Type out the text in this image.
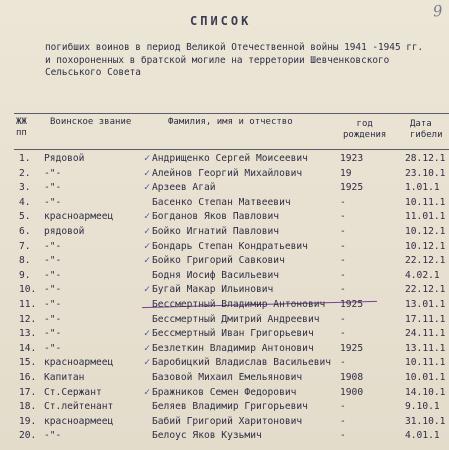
9
СПИСОК
погибших воинов в период Великой Отечественной войны 1941 -1945 гг.
и похороненных в братской могиле на терретории Шевченковского
Сельського Совета
ЖЖ
пп
Воинское звание	Фамилия, имя и отчество	год
рождения
Дата
гибели
1. Рядовой	✓ Андрищенко Сергей Моисеевич	1923	28.12.1
2. -"-	✓ Алейнов Георгий Михайлович	19	23.10.1
3. -"-	✓ Арзеев Агай	1925	1.01.1
4. -"-	Басенко Степан Матвеевич	-	10.11.1
5. красноармеец	✓ Богданов Яков Павлович	-	11.01.1
6. рядовой	✓ Бойко Игнатий Павлович	-	10.12.1
7. -"-	✓ Бондарь Степан Кондратьевич	-	10.12.1
8. -"-	✓ Бойко Григорий Савкович	-	22.12.1
9. -"-	Бодня Иосиф Васильевич	-	4.02.1
10. -"-	✓ Бугай Макар Ильинович	-	22.12.1
11. -"-	Бессмертный Владимир Антонович 1925	13.01.1
12. -"-	Бессмертный Дмитрий Андреевич -	17.11.1
13. -"-	✓ Бессмертный Иван Григорьевич	-	24.11.1
14. -"-	✓ Безлеткин Владимир Антонович	1925	13.11.1
15. красноармеец	✓ Баробицкий Владислав Васильевич -	10.11.1
16. Капитан	Базовой Михаил Емельянович	1908	10.01.1
17. Ст.Сержант	✓ Бражников Семен Федорович	1900	14.10.1
18. Ст.лейтенант	Беляев Владимир Григорьевич	-	9.10.1
19. красноармеец	Бабий Григорий Харитонович	-	31.10.1
20. -"-	Белоус Яков Кузьмич	-	4.01.1
